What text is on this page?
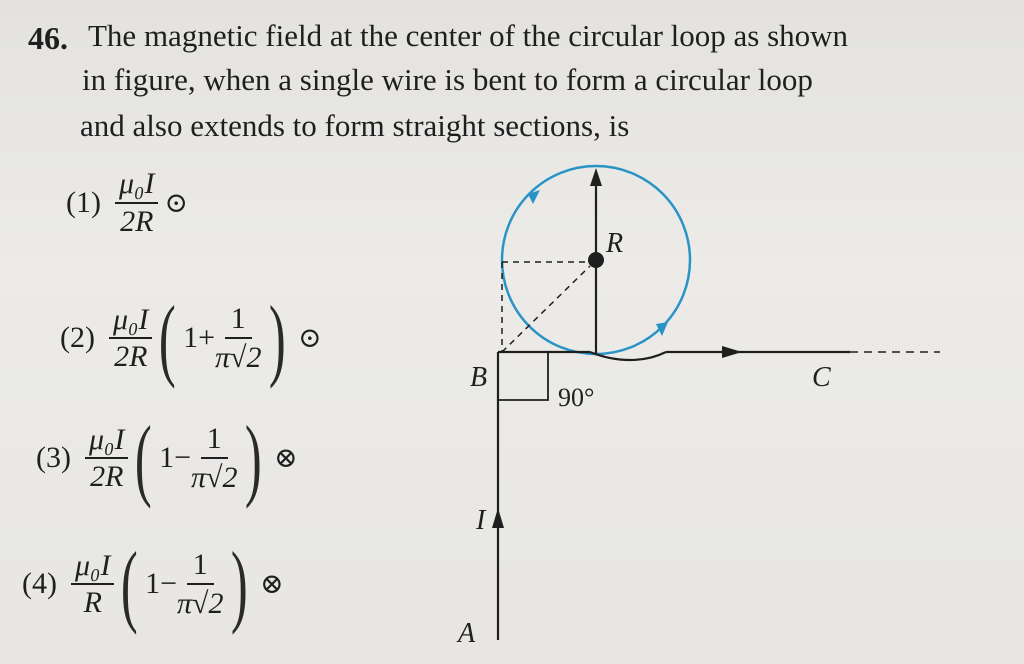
46. The magnetic field at the center of the circular loop as shown
in figure, when a single wire is bent to form a circular loop
and also extends to form straight sections, is
$(1) \frac{\text{μ₀I}}{2R}$ ⊙
$(2) \frac{\text{μ₀I}}{2R}$ ( $1+ \frac{1}{\pi√2}$ ) ⊙
$(3) \frac{\text{μ₀I}}{2R}$ ( $1- \frac{1}{\pi√2}$ ) ⊗
$(4) \frac{\text{μ₀I}}{R}$ ( $1- \frac{1}{\pi√2}$ ) ⊗
R
B	C
I
A
90°
